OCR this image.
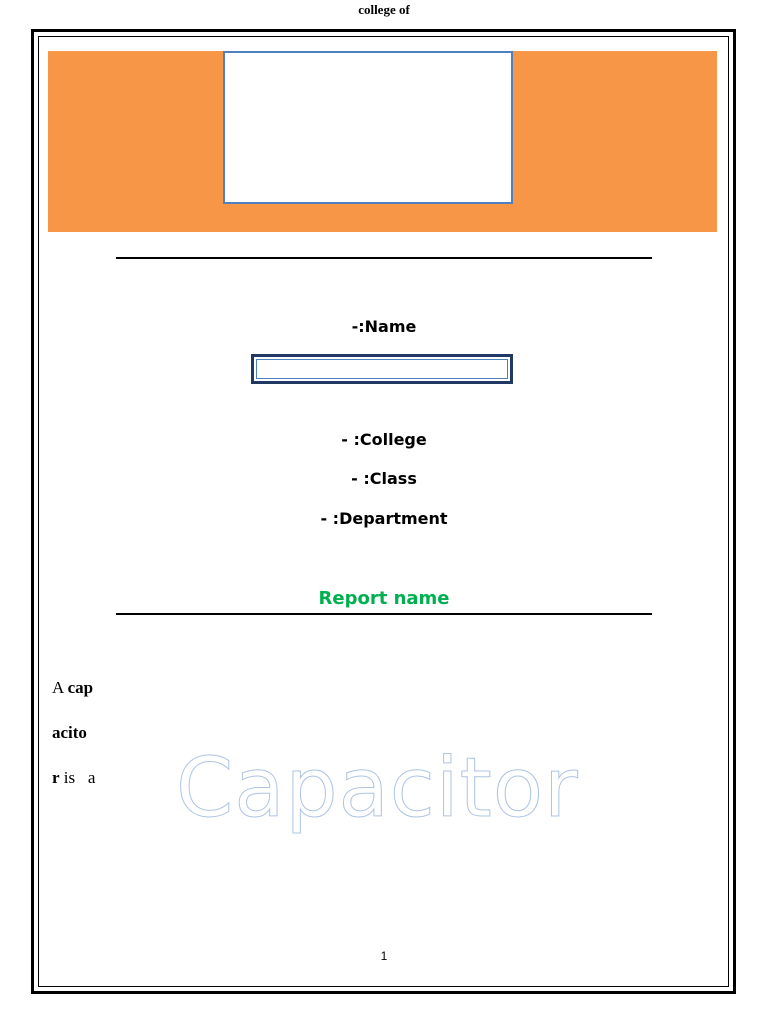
college of
-:Name
- :College
- :Class
- :Department
Report name
A cap
acito
r is   a Capacitor
1
